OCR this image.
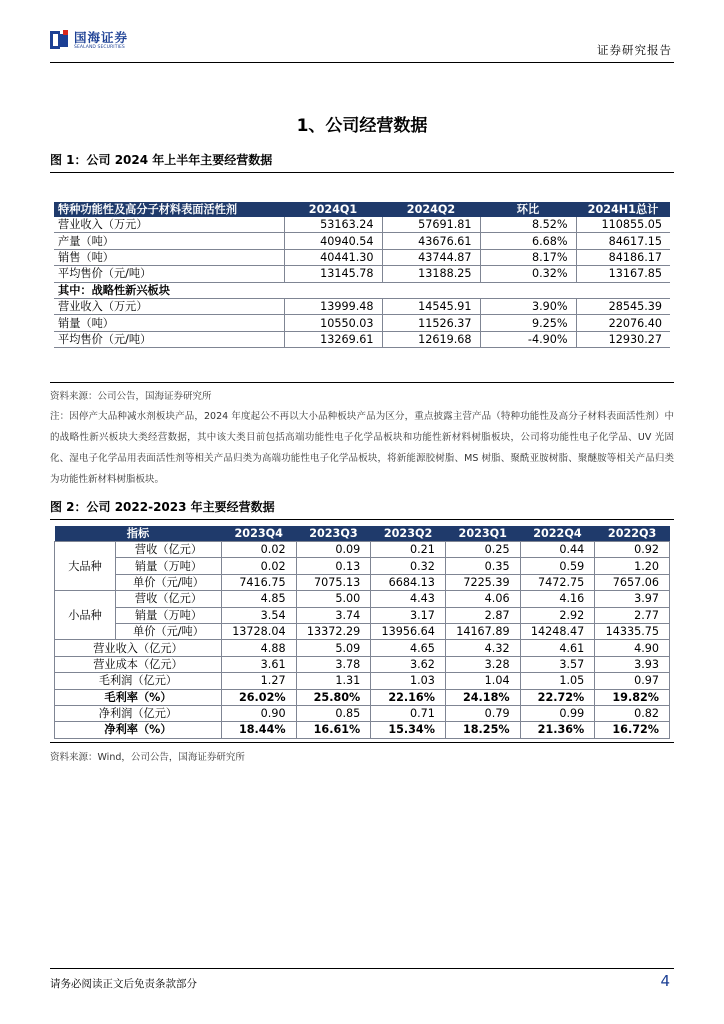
国海证券
SEALAND SECURITIES	证券研究报告
1、公司经营数据
图 1：公司 2024 年上半年主要经营数据
特种功能性及高分子材料表面活性剂	2024Q1	2024Q2	环比	2024H1总计
营业收入（万元）	53163.24	57691.81	8.52%	110855.05
产量（吨）	40940.54	43676.61	6.68%	84617.15
销售（吨）	40441.30	43744.87	8.17%	84186.17
平均售价（元/吨）	13145.78	13188.25	0.32%	13167.85
其中：战略性新兴板块				
营业收入（万元）	13999.48	14545.91	3.90%	28545.39
销量（吨）	10550.03	11526.37	9.25%	22076.40
平均售价（元/吨）	13269.61	12619.68	-4.90%	12930.27
资料来源：公司公告，国海证券研究所
注：因停产大品种减水剂板块产品，2024 年度起公不再以大小品种板块产品为区分，重点披露主营产品（特种功能性及高分子材料表面活性剂）中的战略性新兴板块大类经营数据，其中该大类目前包括高端功能性电子化学品板块和功能性新材料树脂板块，公司将功能性电子化学品、UV 光固化、湿电子化学品用表面活性剂等相关产品归类为高端功能性电子化学品板块，将新能源胶树脂、MS 树脂、聚酰亚胺树脂、聚醚胺等相关产品归类为功能性新材料树脂板块。
图 2：公司 2022-2023 年主要经营数据
指标		2023Q4	2023Q3	2023Q2	2023Q1	2022Q4	2022Q3
大品种	营收（亿元）	0.02	0.09	0.21	0.25	0.44	0.92
	销量（万吨）	0.02	0.13	0.32	0.35	0.59	1.20
	单价（元/吨）	7416.75	7075.13	6684.13	7225.39	7472.75	7657.06
小品种	营收（亿元）	4.85	5.00	4.43	4.06	4.16	3.97
	销量（万吨）	3.54	3.74	3.17	2.87	2.92	2.77
	单价（元/吨）	13728.04	13372.29	13956.64	14167.89	14248.47	14335.75
营业收入（亿元）		4.88	5.09	4.65	4.32	4.61	4.90
营业成本（亿元）		3.61	3.78	3.62	3.28	3.57	3.93
毛利润（亿元）		1.27	1.31	1.03	1.04	1.05	0.97
毛利率（%）		26.02%	25.80%	22.16%	24.18%	22.72%	19.82%
净利润（亿元）		0.90	0.85	0.71	0.79	0.99	0.82
净利率（%）		18.44%	16.61%	15.34%	18.25%	21.36%	16.72%
资料来源：Wind，公司公告，国海证券研究所
请务必阅读正文后免责条款部分	4
